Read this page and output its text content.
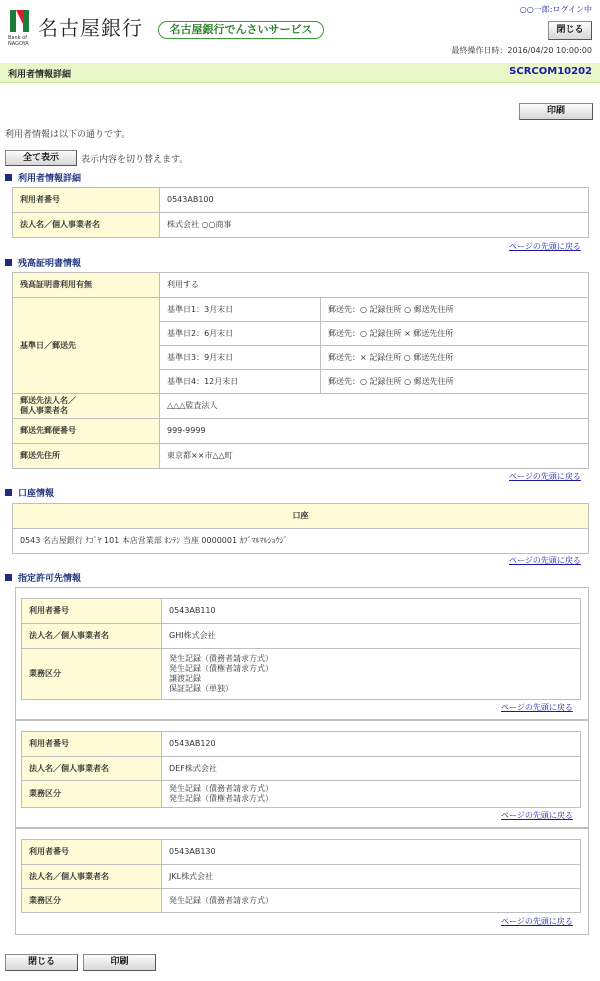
Bank of
NAGOYA
名古屋銀行	名古屋銀行でんさいサービス
○○一郎:ログイン中
閉じる
最終操作日時：2016/04/20 10:00:00
利用者情報詳細	SCRCOM10202
印刷
利用者情報は以下の通りです。
全て表示	表示内容を切り替えます。
利用者情報詳細
利用者番号	0543AB100
法人名／個人事業者名	株式会社 ○○商事
ページの先頭に戻る
残高証明書情報
残高証明書利用有無	利用する	
基準日／郵送先	基準日1：3月末日	郵送先：○ 記録住所 ○ 郵送先住所
	基準日2：6月末日	郵送先：○ 記録住所 × 郵送先住所
	基準日3：9月末日	郵送先：× 記録住所 ○ 郵送先住所
	基準日4：12月末日	郵送先：○ 記録住所 ○ 郵送先住所

郵送先法人名／
個人事業者名	△△△監査法人	
郵送先郵便番号	999-9999	
郵送先住所	東京都××市△△町	
ページの先頭に戻る
口座情報
口座
0543 名古屋銀行 ﾅｺﾞﾔ 101 本店営業部 ﾎﾝﾃﾝ 当座 0000001 ｶﾌﾞﾏﾙﾏﾙｼｮｳｼﾞ
ページの先頭に戻る
指定許可先情報
利用者番号	0543AB110
法人名／個人事業者名	GHI株式会社
業務区分	発生記録（債務者請求方式）
発生記録（債権者請求方式）
譲渡記録
保証記録（単独）
ページの先頭に戻る
利用者番号	0543AB120
法人名／個人事業者名	DEF株式会社
業務区分	発生記録（債務者請求方式）
発生記録（債権者請求方式）
ページの先頭に戻る
利用者番号	0543AB130
法人名／個人事業者名	JKL株式会社
業務区分	発生記録（債務者請求方式）
ページの先頭に戻る
閉じる	印刷
